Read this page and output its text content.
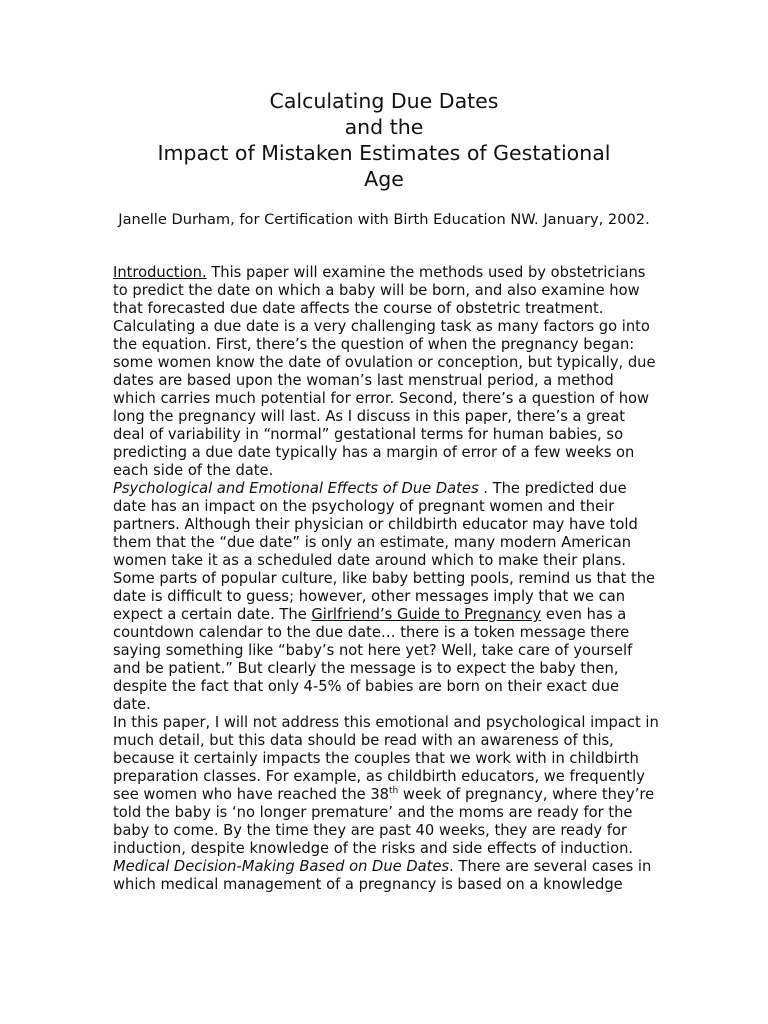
Calculating Due Dates
and the
Impact of Mistaken Estimates of Gestational
Age
Janelle Durham, for Certification with Birth Education NW. January, 2002.

Introduction. This paper will examine the methods used by obstetricians to predict the date on which a baby will be born, and also examine how that forecasted due date affects the course of obstetric treatment. Calculating a due date is a very challenging task as many factors go into the equation. First, there’s the question of when the pregnancy began: some women know the date of ovulation or conception, but typically, due dates are based upon the woman’s last menstrual period, a method which carries much potential for error. Second, there’s a question of how long the pregnancy will last. As I discuss in this paper, there’s a great deal of variability in “normal” gestational terms for human babies, so predicting a due date typically has a margin of error of a few weeks on each side of the date.

Psychological and Emotional Effects of Due Dates . The predicted due date has an impact on the psychology of pregnant women and their partners. Although their physician or childbirth educator may have told them that the “due date” is only an estimate, many modern American women take it as a scheduled date around which to make their plans. Some parts of popular culture, like baby betting pools, remind us that the date is difficult to guess; however, other messages imply that we can expect a certain date. The Girlfriend’s Guide to Pregnancy even has a countdown calendar to the due date… there is a token message there saying something like “baby’s not here yet? Well, take care of yourself and be patient.” But clearly the message is to expect the baby then, despite the fact that only 4-5% of babies are born on their exact due date.

In this paper, I will not address this emotional and psychological impact in much detail, but this data should be read with an awareness of this, because it certainly impacts the couples that we work with in childbirth preparation classes. For example, as childbirth educators, we frequently see women who have reached the 38th week of pregnancy, where they’re told the baby is ‘no longer premature’ and the moms are ready for the baby to come. By the time they are past 40 weeks, they are ready for induction, despite knowledge of the risks and side effects of induction.

Medical Decision-Making Based on Due Dates. There are several cases in which medical management of a pregnancy is based on a knowledge
